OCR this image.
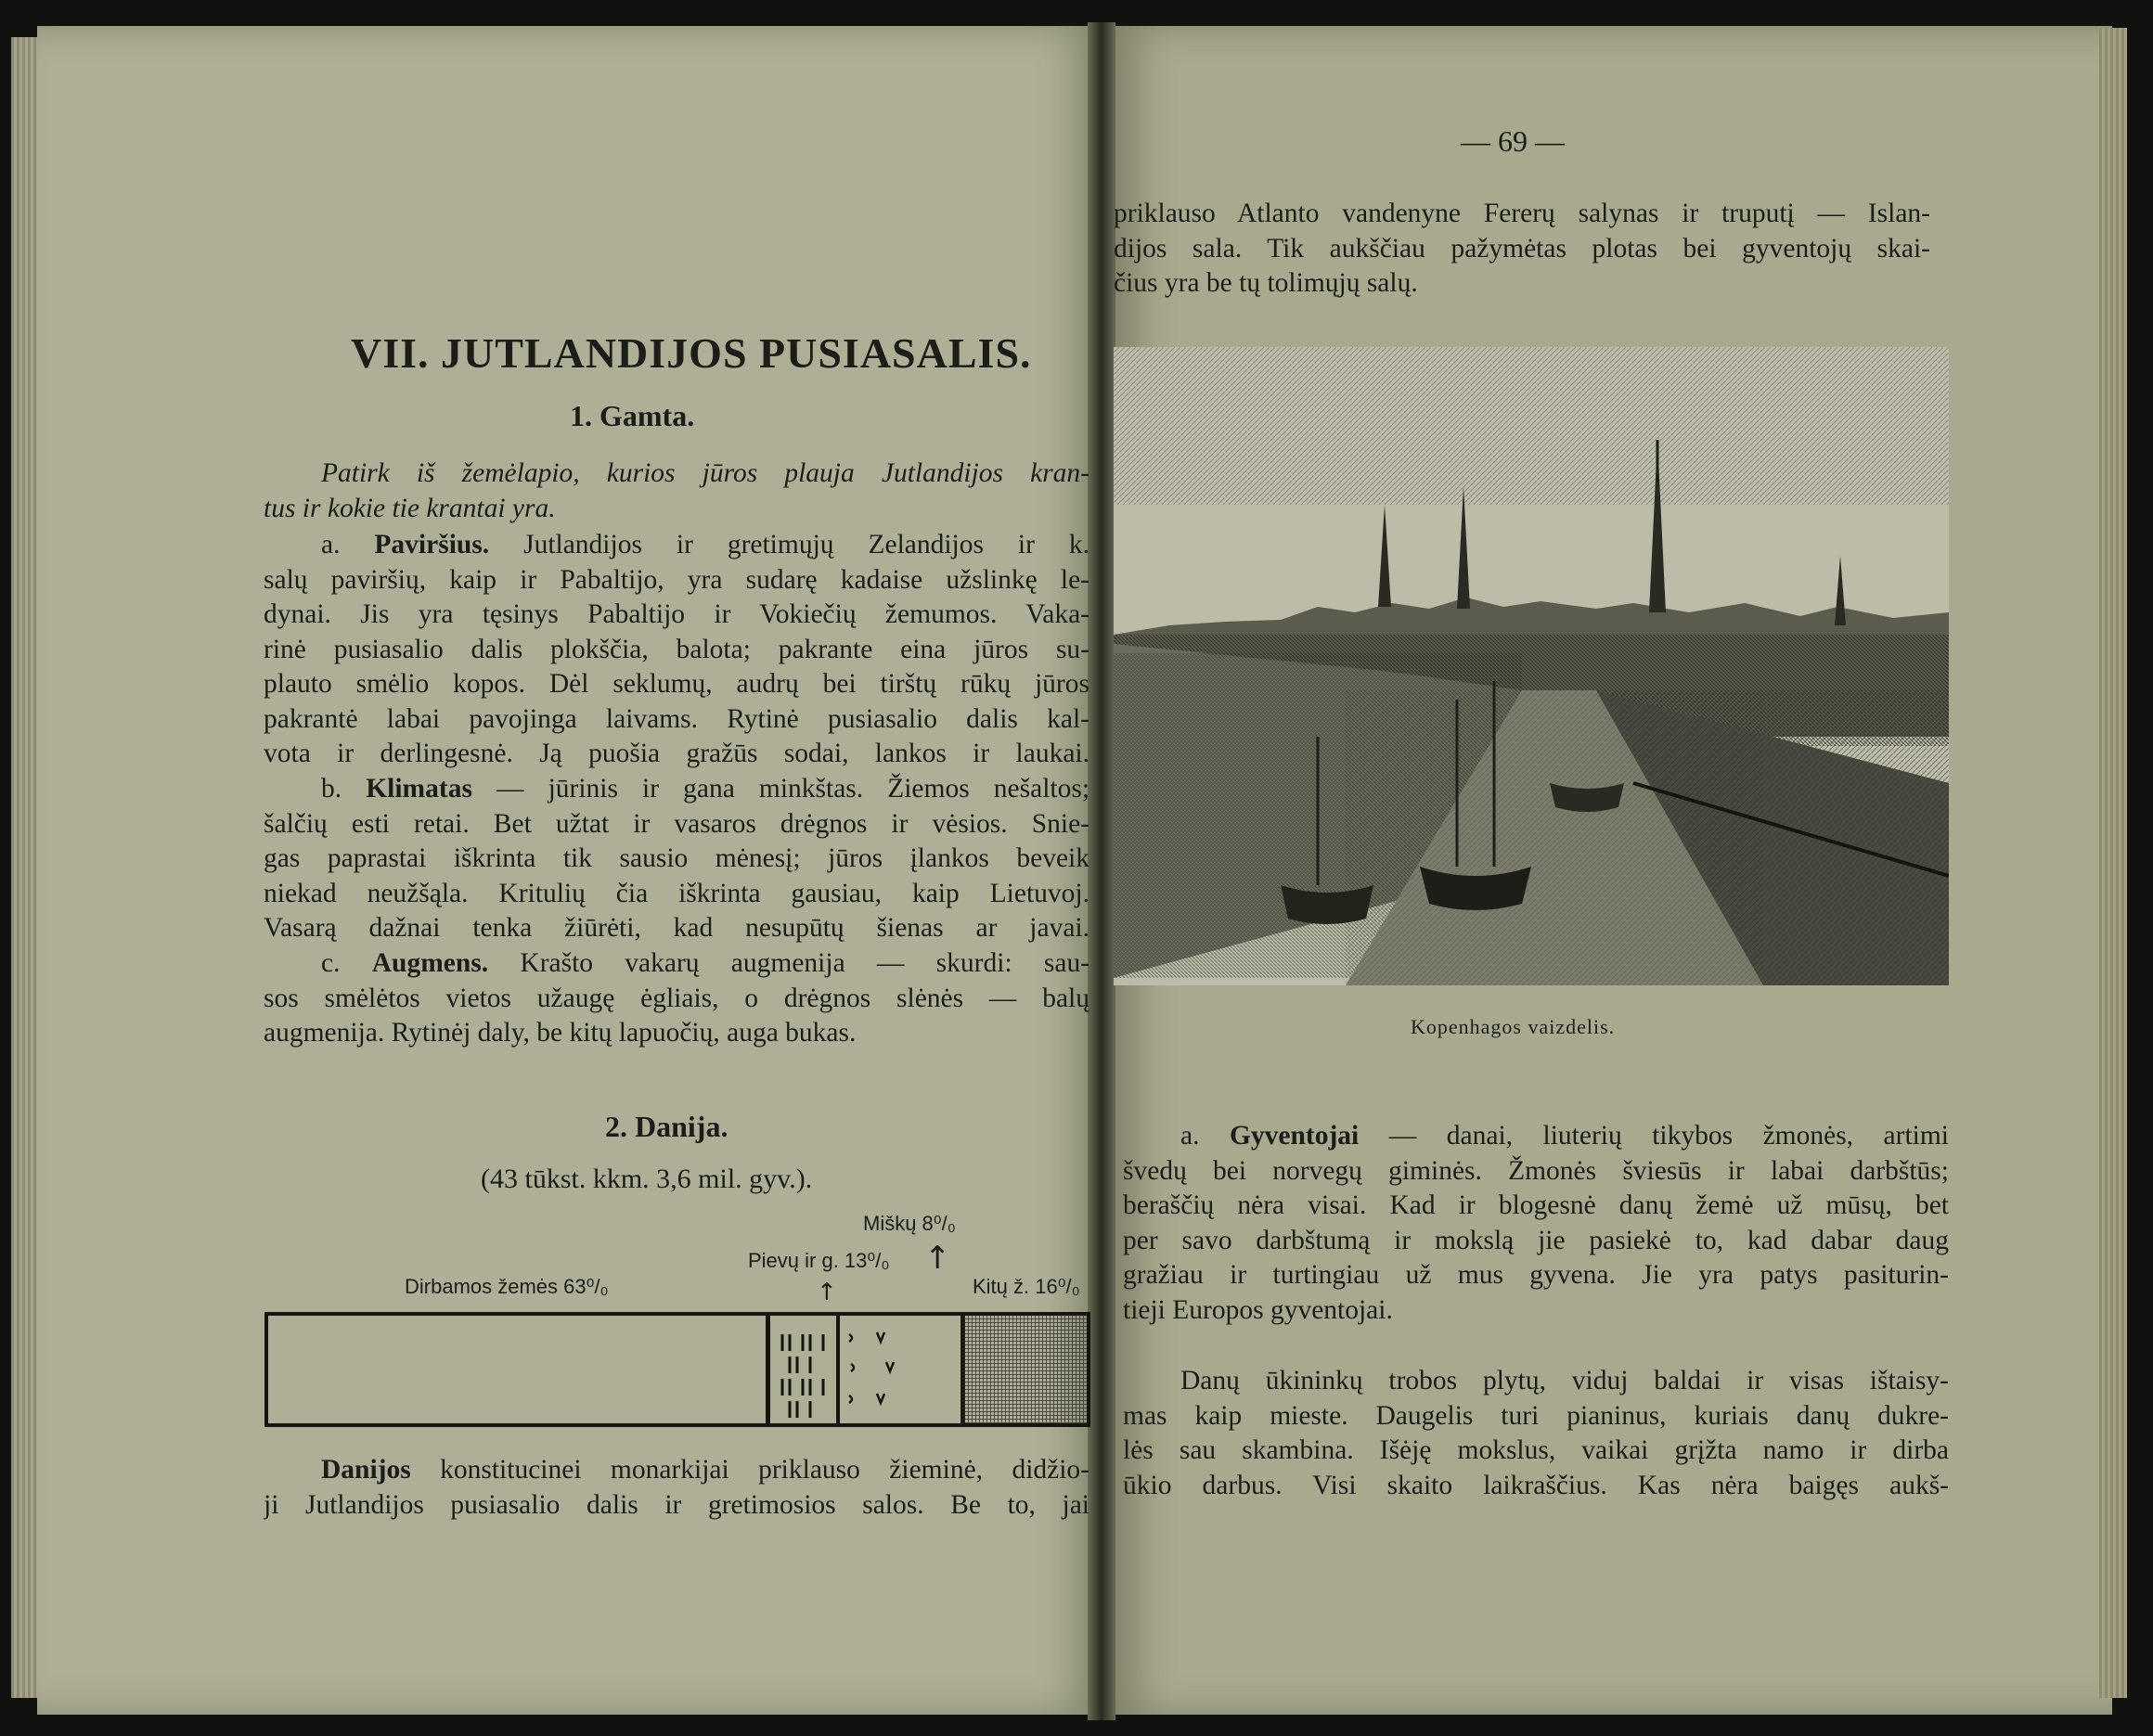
VII. JUTLANDIJOS PUSIASALIS.
1. Gamta.
Patirk iš žemėlapio, kurios jūros plauja Jutlandijos kran-
tus ir kokie tie krantai yra.
a. Paviršius. Jutlandijos ir gretimųjų Zelandijos ir k.
salų paviršių, kaip ir Pabaltijo, yra sudarę kadaise užslinkę le-
dynai. Jis yra tęsinys Pabaltijo ir Vokiečių žemumos. Vaka-
rinė pusiasalio dalis plokščia, balota; pakrante eina jūros su-
plauto smėlio kopos. Dėl seklumų, audrų bei tirštų rūkų jūros
pakrantė labai pavojinga laivams. Rytinė pusiasalio dalis kal-
vota ir derlingesnė. Ją puošia gražūs sodai, lankos ir laukai.
b. Klimatas — jūrinis ir gana minkštas. Žiemos nešaltos;
šalčių esti retai. Bet užtat ir vasaros drėgnos ir vėsios. Snie-
gas paprastai iškrinta tik sausio mėnesį; jūros įlankos beveik
niekad neužšąla. Kritulių čia iškrinta gausiau, kaip Lietuvoj.
Vasarą dažnai tenka žiūrėti, kad nesupūtų šienas ar javai.
c. Augmens. Krašto vakarų augmenija — skurdi: sau-
sos smėlėtos vietos užaugę ėgliais, o drėgnos slėnės — balų
augmenija. Rytinėj daly, be kitų lapuočių, auga bukas.
2. Danija.
(43 tūkst. kkm. 3,6 mil. gyv.).
Miškų 8⁰/₀
Pievų ir g. 13⁰/₀
Dirbamos žemės 63⁰/₀	Kitų ž. 16⁰/₀
↑
↑
Danijos konstitucinei monarkijai priklauso žieminė, didžio-
ji Jutlandijos pusiasalio dalis ir gretimosios salos. Be to, jai
— 69 —
priklauso Atlanto vandenyne Fererų salynas ir truputį — Islan-
dijos sala. Tik aukščiau pažymėtas plotas bei gyventojų skai-
čius yra be tų tolimųjų salų.
Kopenhagos vaizdelis.
a. Gyventojai — danai, liuterių tikybos žmonės, artimi
švedų bei norvegų giminės. Žmonės šviesūs ir labai darbštūs;
beraščių nėra visai. Kad ir blogesnė danų žemė už mūsų, bet
per savo darbštumą ir mokslą jie pasiekė to, kad dabar daug
gražiau ir turtingiau už mus gyvena. Jie yra patys pasiturin-
tieji Europos gyventojai.
Danų ūkininkų trobos plytų, viduj baldai ir visas ištaisy-
mas kaip mieste. Daugelis turi pianinus, kuriais danų dukre-
lės sau skambina. Išėję mokslus, vaikai grįžta namo ir dirba
ūkio darbus. Visi skaito laikraščius. Kas nėra baigęs aukš-
